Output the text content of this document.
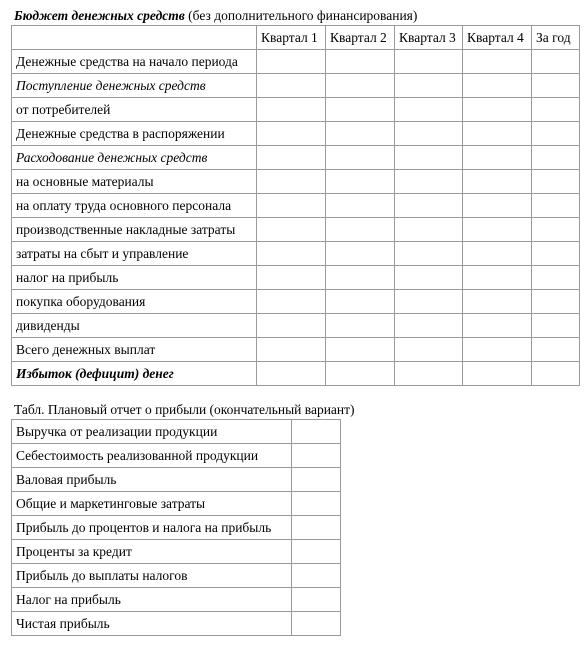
Бюджет денежных средств (без дополнительного финансирования)
	Квартал 1	Квартал 2	Квартал 3	Квартал 4	За год
Денежные средства на начало периода					
Поступление денежных средств					
от потребителей					
Денежные средства в распоряжении					
Расходование денежных средств					
на основные материалы					
на оплату труда основного персонала					
производственные накладные затраты					
затраты на сбыт и управление					
налог на прибыль					
покупка оборудования					
дивиденды					
Всего денежных выплат					
Избыток (дефицит) денег					
Табл. Плановый отчет о прибыли (окончательный вариант)
Выручка от реализации продукции	
Себестоимость реализованной продукции	
Валовая прибыль	
Общие и маркетинговые затраты	
Прибыль до процентов и налога на прибыль	
Проценты за кредит	
Прибыль до выплаты налогов	
Налог на прибыль	
Чистая прибыль	
